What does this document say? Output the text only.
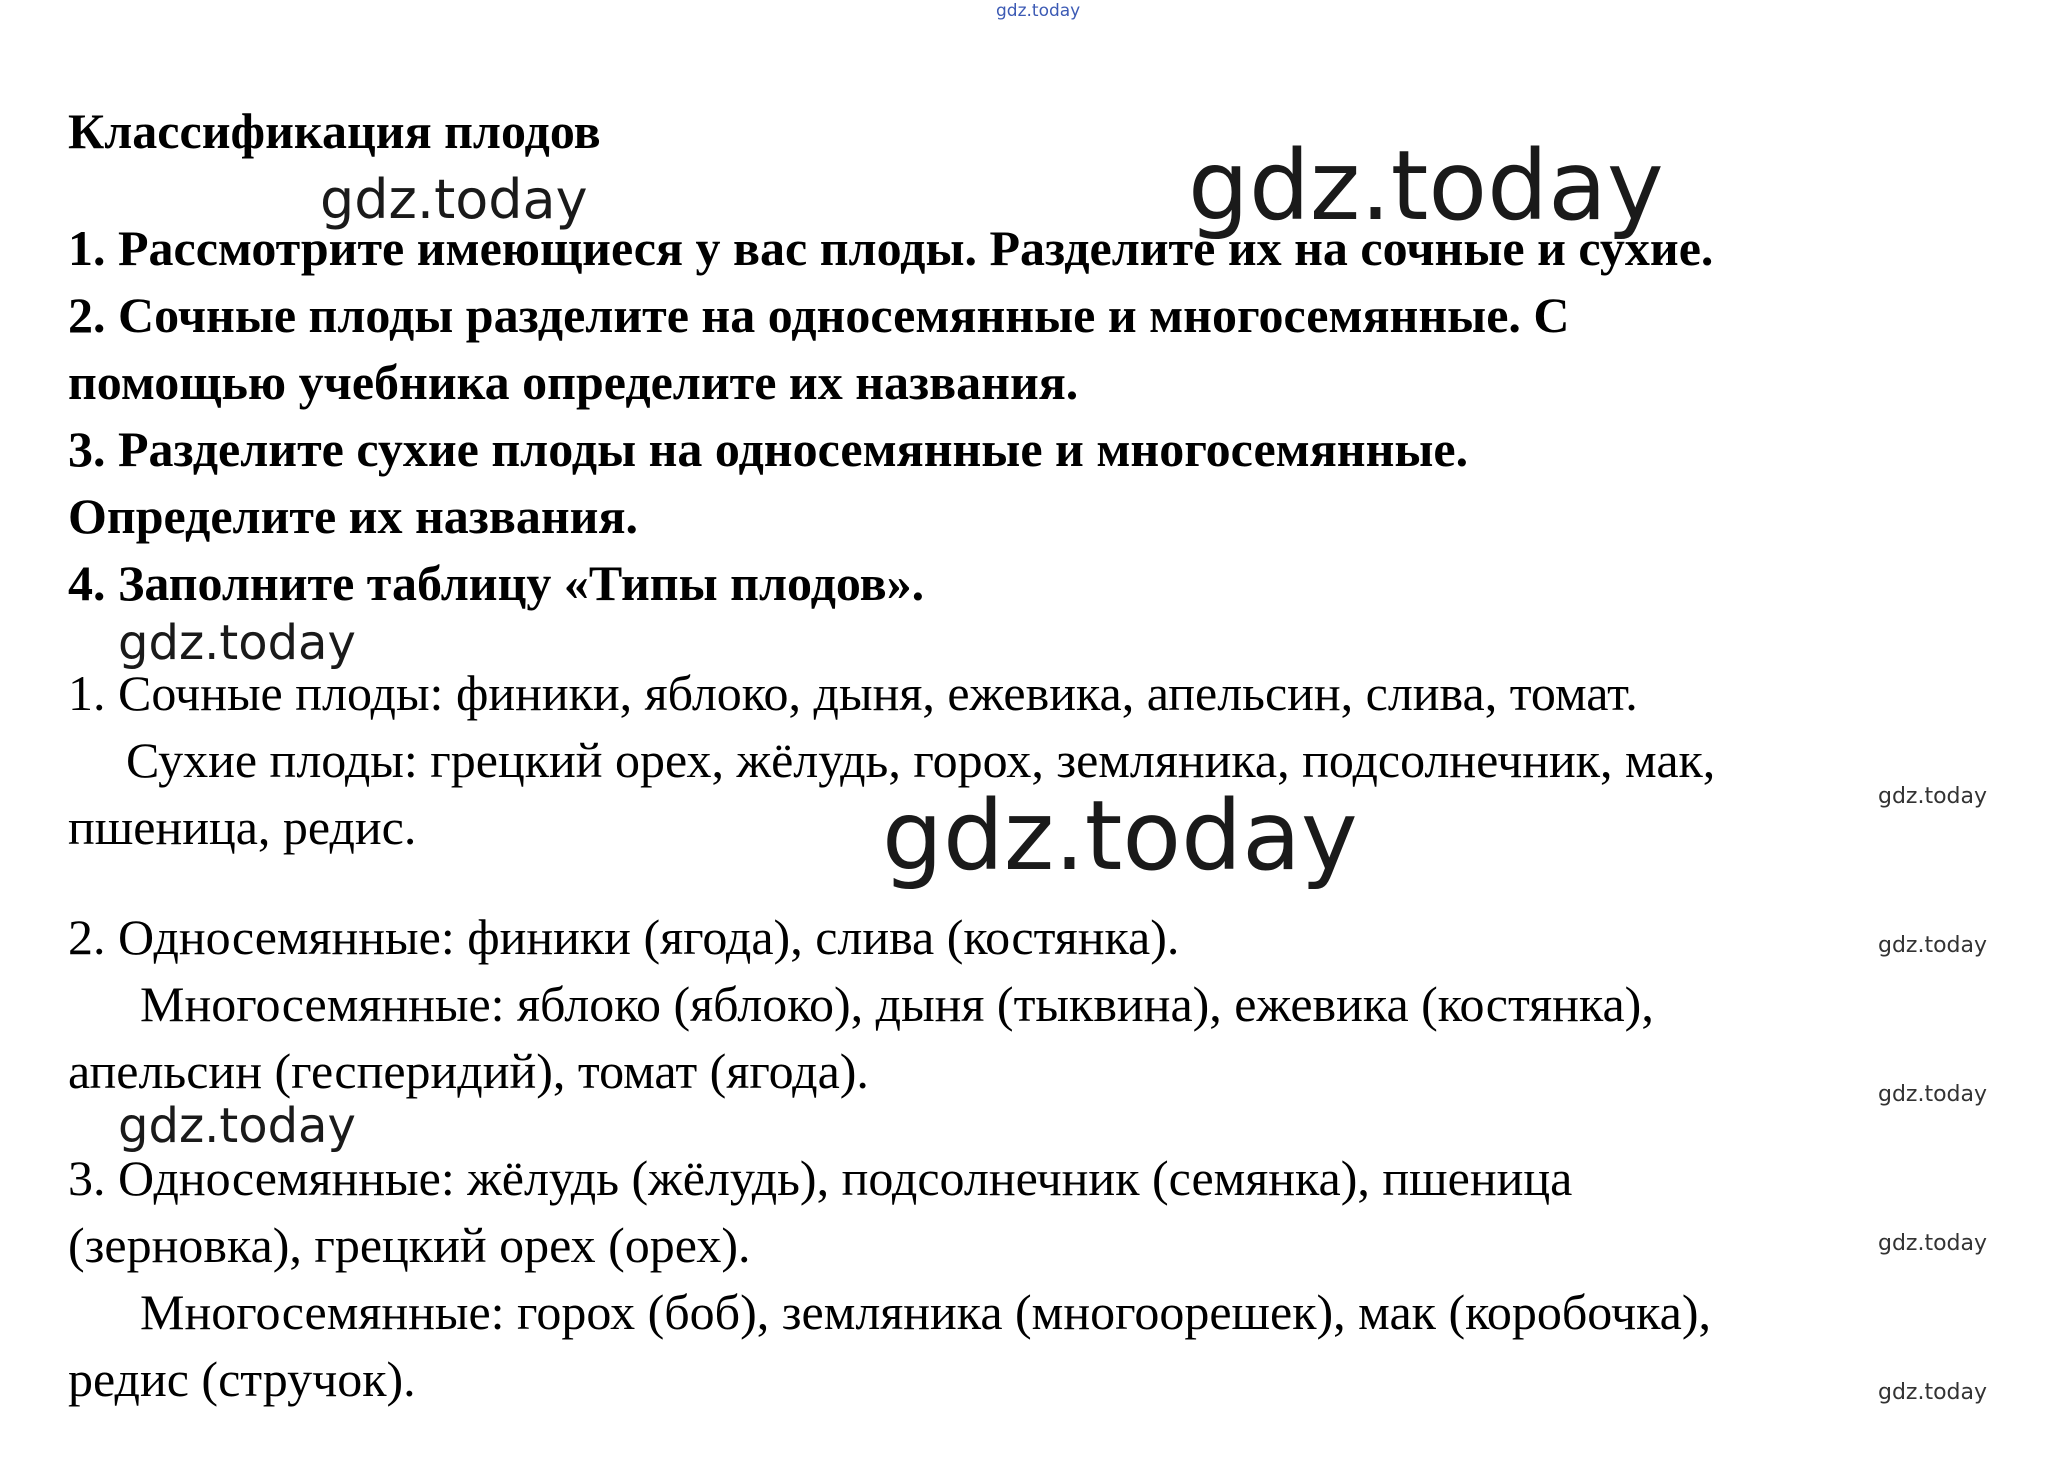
gdz.today
gdz.today
gdz.today
gdz.today
gdz.today
gdz.today
gdz.today
gdz.today
gdz.today
gdz.today
gdz.today
Классификация плодов
1. Рассмотрите имеющиеся у вас плоды. Разделите их на сочные и сухие.
2. Сочные плоды разделите на односемянные и многосемянные. С
помощью учебника определите их названия.
3. Разделите сухие плоды на односемянные и многосемянные.
Определите их названия.
4. Заполните таблицу «Типы плодов».
1. Сочные плоды: финики, яблоко, дыня, ежевика, апельсин, слива, томат.
Сухие плоды: грецкий орех, жёлудь, горох, земляника, подсолнечник, мак,
пшеница, редис.
2. Односемянные: финики (ягода), слива (костянка).
Многосемянные: яблоко (яблоко), дыня (тыквина), ежевика (костянка),
апельсин (гесперидий), томат (ягода).
3. Односемянные: жёлудь (жёлудь), подсолнечник (семянка), пшеница
(зерновка), грецкий орех (орех).
Многосемянные: горох (боб), земляника (многоорешек), мак (коробочка),
редис (стручок).
